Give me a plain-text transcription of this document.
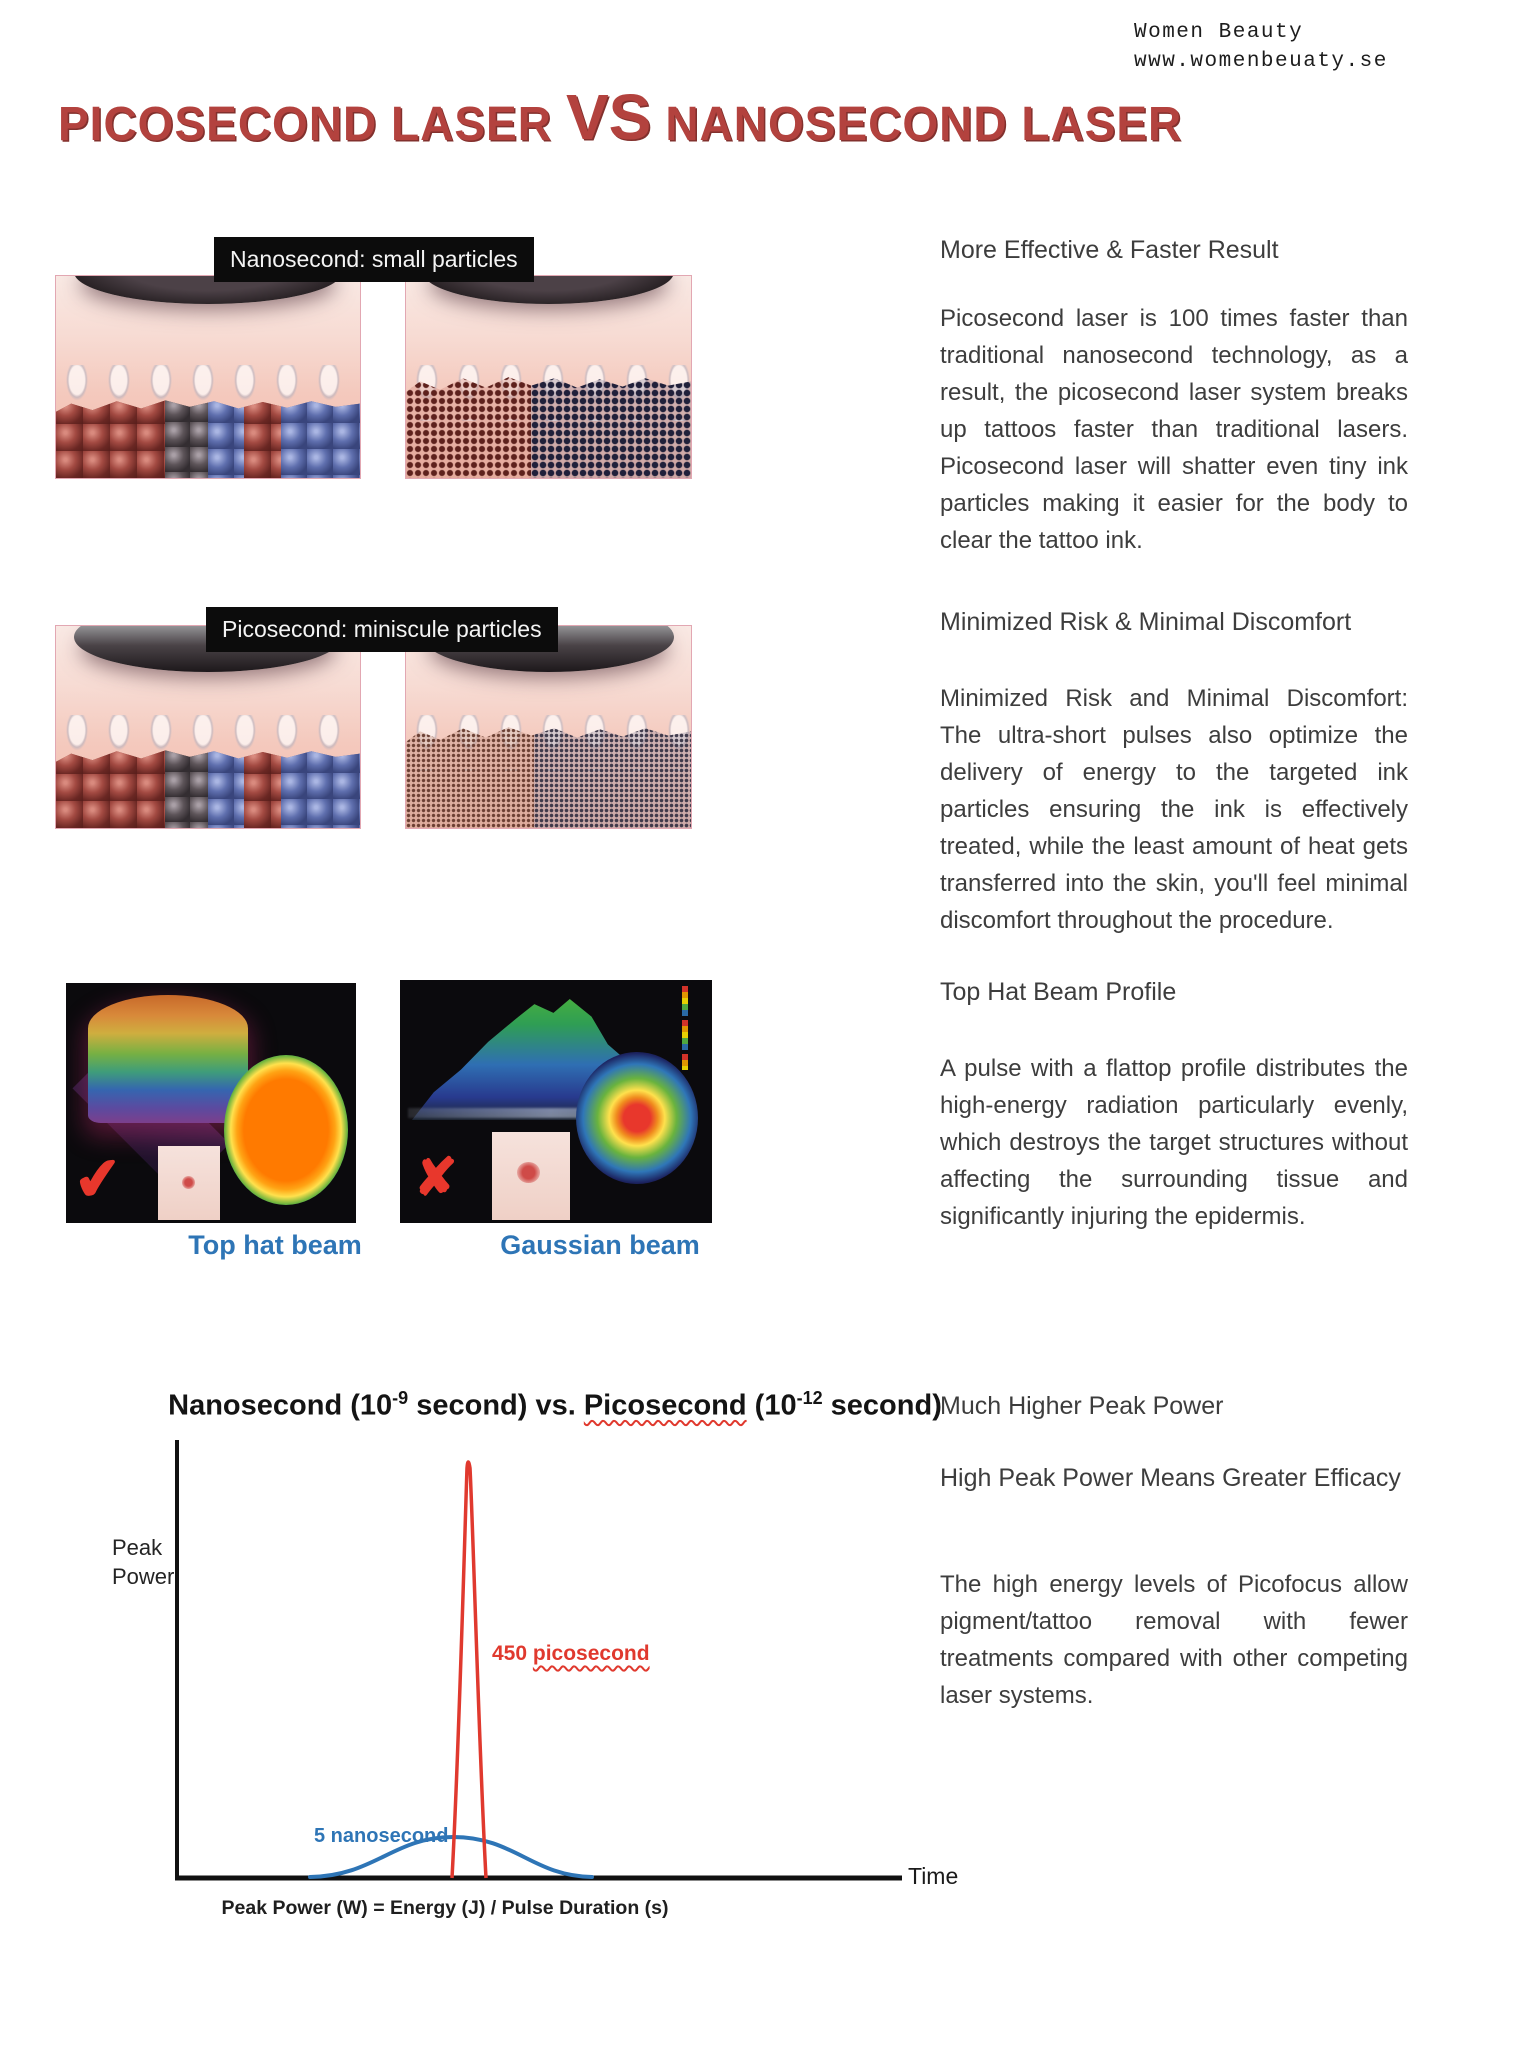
Women Beauty
www.womenbeuaty.se
PICOSECOND LASER VS NANOSECOND LASER
Nanosecond: small particles
Picosecond: miniscule particles
✔	✘
Top hat beam	Gaussian beam
More Effective & Faster Result
Picosecond laser is 100 times faster than traditional nanosecond technology, as a result, the picosecond laser system breaks up tattoos faster than traditional lasers. Picosecond laser will shatter even tiny ink particles making it easier for the body to clear the tattoo ink.
Minimized Risk & Minimal Discomfort
Minimized Risk and Minimal Discomfort: The ultra-short pulses also optimize the delivery of energy to the targeted ink particles ensuring the ink is effectively treated, while the least amount of heat gets transferred into the skin, you'll feel minimal discomfort throughout the procedure.
Top Hat Beam Profile
A pulse with a flattop profile distributes the high-energy radiation particularly evenly, which destroys the target structures without affecting the surrounding tissue and significantly injuring the epidermis.
Much Higher Peak Power
High Peak Power Means Greater Efficacy
The high energy levels of Picofocus allow pigment/tattoo removal with fewer treatments compared with other competing laser systems.
Nanosecond ($10^{-9}$ second) vs. Picosecond ($10^{-12}$ second)
Peak
Power
450 picosecond
5 nanosecond
Time
Peak Power (W) = Energy (J) / Pulse Duration (s)
